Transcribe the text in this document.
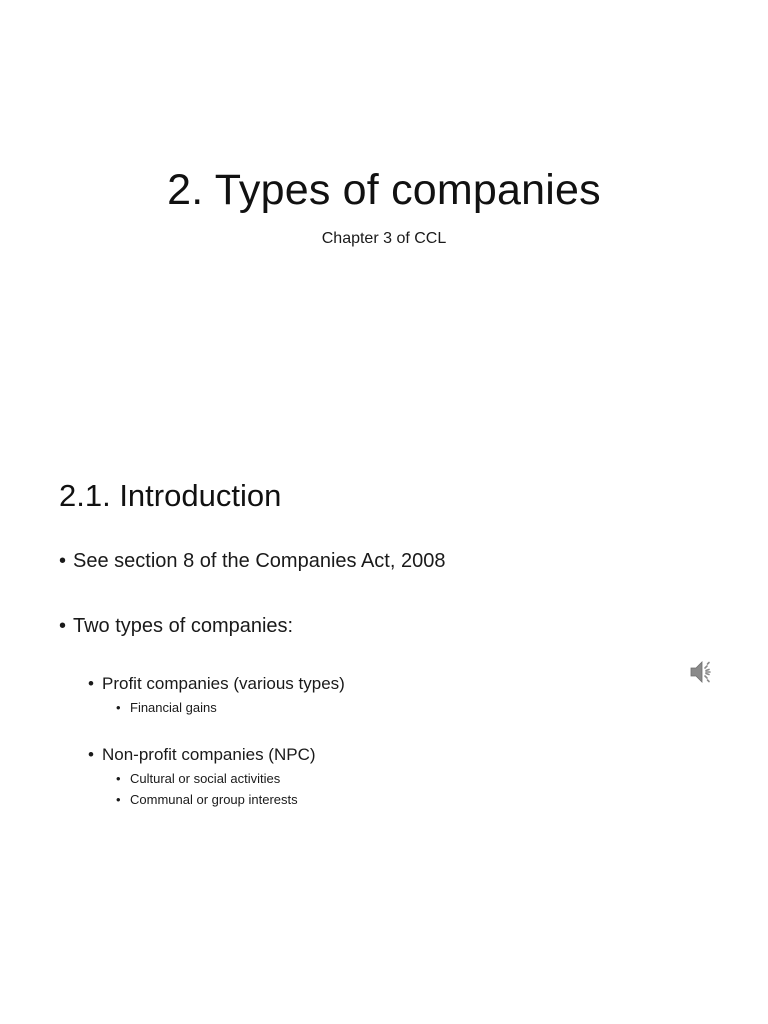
2. Types of companies
Chapter 3 of CCL
2.1. Introduction
• See section 8 of the Companies Act, 2008
• Two types of companies:
• Profit companies (various types)
• Financial gains
• Non-profit companies (NPC)
• Cultural or social activities
• Communal or group interests
